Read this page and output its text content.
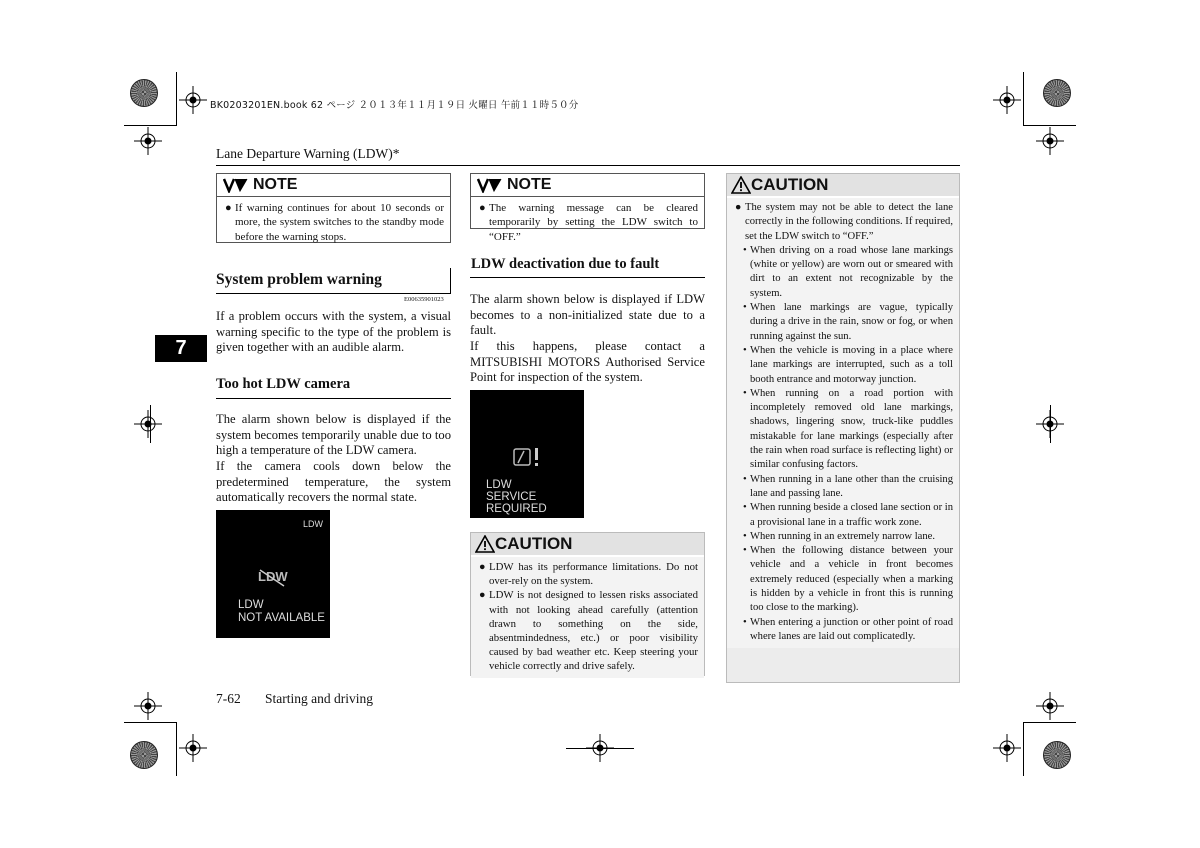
BK0203201EN.book 62 ページ ２０１３年１１月１９日 火曜日 午前１１時５０分
Lane Departure Warning (LDW)*
7
NOTE
● If warning continues for about 10 seconds or more, the system switches to the standby mode before the warning stops.
System problem warning
E00635901023
If a problem occurs with the system, a visual warning specific to the type of the problem is given together with an audible alarm.
Too hot LDW camera
The alarm shown below is displayed if the system becomes temporarily unable due to too high a temperature of the LDW camera.
If the camera cools down below the predetermined temperature, the system automatically recovers the normal state.
LDW
LDW
LDW
NOT AVAILABLE
NOTE
● The warning message can be cleared temporarily by setting the LDW switch to “OFF.”
LDW deactivation due to fault
The alarm shown below is displayed if LDW becomes to a non-initialized state due to a fault.
If this happens, please contact a MITSUBISHI MOTORS Authorised Service Point for inspection of the system.
LDW
SERVICE REQUIRED
CAUTION
● LDW has its performance limitations. Do not over-rely on the system.
● LDW is not designed to lessen risks associated with not looking ahead carefully (attention drawn to something on the side, absentmindedness, etc.) or poor visibility caused by bad weather etc. Keep steering your vehicle correctly and drive safely.
CAUTION
● The system may not be able to detect the lane correctly in the following conditions. If required, set the LDW switch to “OFF.”
• When driving on a road whose lane markings (white or yellow) are worn out or smeared with dirt to an extent not recognizable by the system.
• When lane markings are vague, typically during a drive in the rain, snow or fog, or when running against the sun.
• When the vehicle is moving in a place where lane markings are interrupted, such as a toll booth entrance and motorway junction.
• When running on a road portion with incompletely removed old lane markings, shadows, lingering snow, truck-like puddles mistakable for lane markings (especially after the rain when road surface is reflecting light) or similar confusing factors.
• When running in a lane other than the cruising lane and passing lane.
• When running beside a closed lane section or in a provisional lane in a traffic work zone.
• When running in an extremely narrow lane.
• When the following distance between your vehicle and a vehicle in front becomes extremely reduced (especially when a marking is hidden by a vehicle in front this is running too close to the marking).
• When entering a junction or other point of road where lanes are laid out complicatedly.
7-62 Starting and driving
